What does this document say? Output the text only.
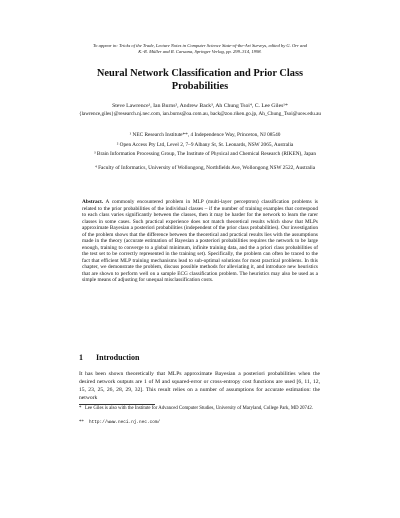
To appear in: Tricks of the Trade, Lecture Notes in Computer Science State-of-the-Art Surveys, edited by G. Orr and K.-R. Müller and R. Caruana, Springer Verlag, pp. 299–314, 1998.

Neural Network Classification and Prior Class Probabilities

Steve Lawrence¹, Ian Burns², Andrew Back³, Ah Chung Tsoi⁴, C. Lee Giles¹*

{lawrence,giles}@research.nj.nec.com, ian.burns@oa.com.au, back@zoo.riken.go.jp, Ah_Chung_Tsoi@uow.edu.au

¹ NEC Research Institute**, 4 Independence Way, Princeton, NJ 08540

² Open Access Pty Ltd, Level 2, 7–9 Albany St, St. Leonards, NSW 2065, Australia

³ Brain Information Processing Group, The Institute of Physical and Chemical Research (RIKEN), Japan

⁴ Faculty of Informatics, University of Wollongong, Northfields Ave, Wollongong NSW 2522, Australia

Abstract. A commonly encountered problem in MLP (multi-layer perceptron) classification problems is related to the prior probabilities of the individual classes – if the number of training examples that correspond to each class varies significantly between the classes, then it may be harder for the network to learn the rarer classes in some cases. Such practical experience does not match theoretical results which show that MLPs approximate Bayesian a posteriori probabilities (independent of the prior class probabilities). Our investigation of the problem shows that the difference between the theoretical and practical results lies with the assumptions made in the theory (accurate estimation of Bayesian a posteriori probabilities requires the network to be large enough, training to converge to a global minimum, infinite training data, and the a priori class probabilities of the test set to be correctly represented in the training set). Specifically, the problem can often be traced to the fact that efficient MLP training mechanisms lead to sub-optimal solutions for most practical problems. In this chapter, we demonstrate the problem, discuss possible methods for alleviating it, and introduce new heuristics that are shown to perform well on a sample ECG classification problem. The heuristics may also be used as a simple means of adjusting for unequal misclassification costs.

1 Introduction

It has been shown theoretically that MLPs approximate Bayesian a posteriori probabilities when the desired network outputs are 1 of M and squared-error or cross-entropy cost functions are used [6, 11, 12, 15, 23, 25, 26, 28, 29, 32]. This result relies on a number of assumptions for accurate estimation: the network

* Lee Giles is also with the Institute for Advanced Computer Studies, University of Maryland, College Park, MD 20742.
**	http://www.neci.nj.nec.com/
